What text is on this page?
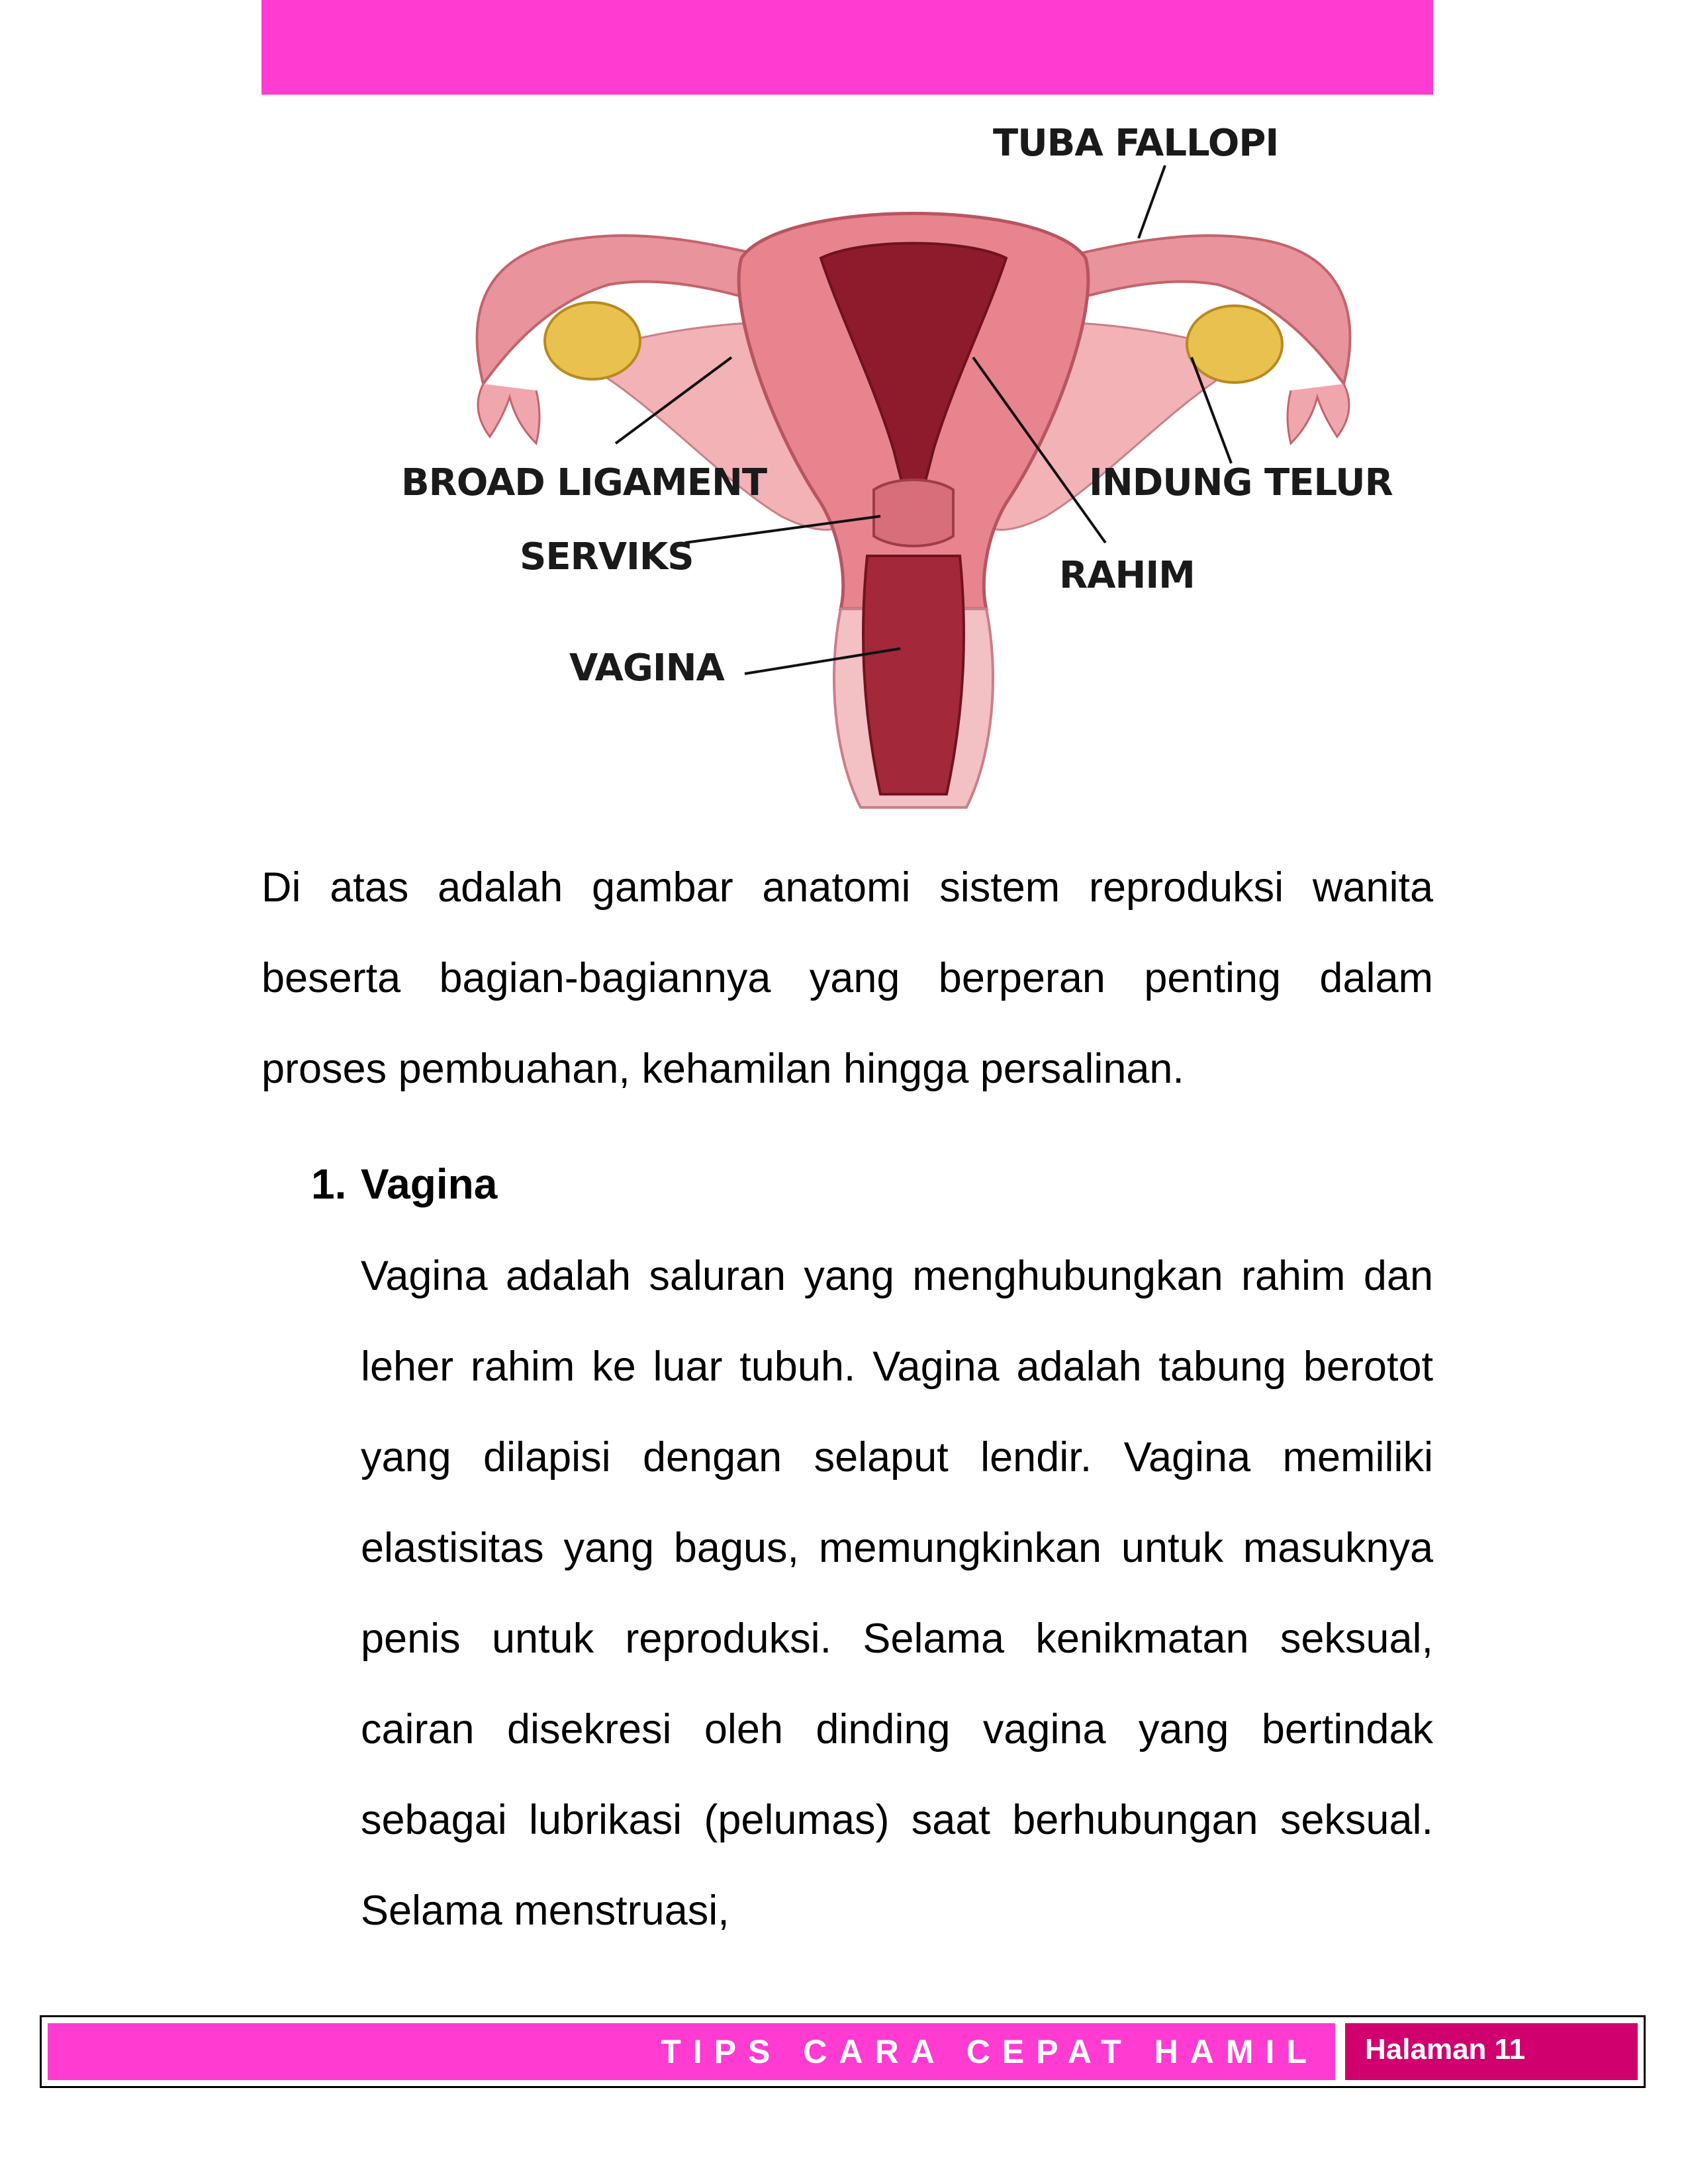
TUBA FALLOPI
BROAD LIGAMENT
SERVIKS
VAGINA
INDUNG TELUR
RAHIM

Di atas adalah gambar anatomi sistem reproduksi wanita beserta bagian-bagiannya yang berperan penting dalam proses pembuahan, kehamilan hingga persalinan.

1. Vagina

Vagina adalah saluran yang menghubungkan rahim dan leher rahim ke luar tubuh. Vagina adalah tabung berotot yang dilapisi dengan selaput lendir. Vagina memiliki elastisitas yang bagus, memungkinkan untuk masuknya penis untuk reproduksi. Selama kenikmatan seksual, cairan disekresi oleh dinding vagina yang bertindak sebagai lubrikasi (pelumas) saat berhubungan seksual. Selama menstruasi,

TIPS CARA CEPAT HAMIL	Halaman 11
